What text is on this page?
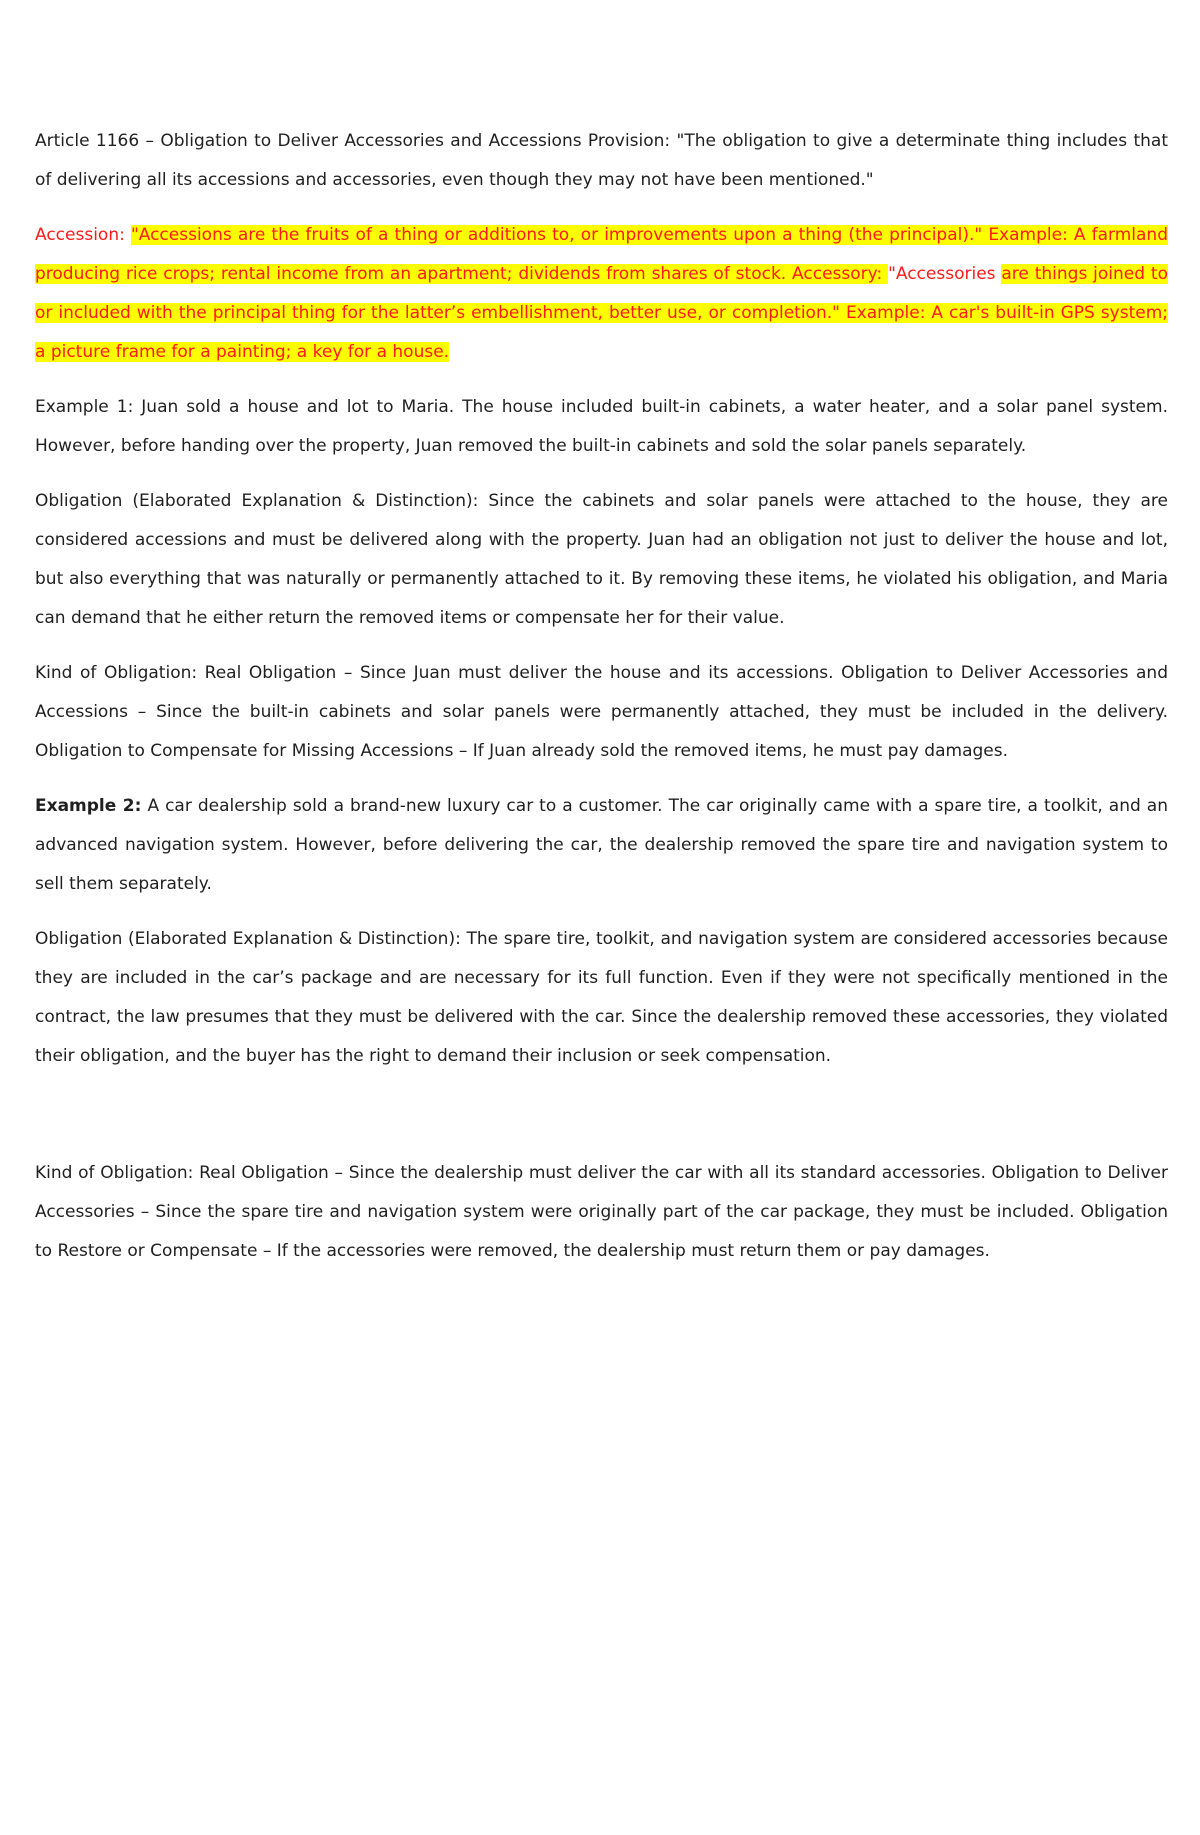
Article 1166 – Obligation to Deliver Accessories and Accessions Provision: "The obligation to give a determinate thing includes that of delivering all its accessions and accessories, even though they may not have been mentioned."

Accession: "Accessions are the fruits of a thing or additions to, or improvements upon a thing (the principal)." Example: A farmland producing rice crops; rental income from an apartment; dividends from shares of stock. Accessory: "Accessories are things joined to or included with the principal thing for the latter’s embellishment, better use, or completion." Example: A car's built-in GPS system; a picture frame for a painting; a key for a house.

Example 1: Juan sold a house and lot to Maria. The house included built-in cabinets, a water heater, and a solar panel system. However, before handing over the property, Juan removed the built-in cabinets and sold the solar panels separately.

Obligation (Elaborated Explanation & Distinction): Since the cabinets and solar panels were attached to the house, they are considered accessions and must be delivered along with the property. Juan had an obligation not just to deliver the house and lot, but also everything that was naturally or permanently attached to it. By removing these items, he violated his obligation, and Maria can demand that he either return the removed items or compensate her for their value.

Kind of Obligation: Real Obligation – Since Juan must deliver the house and its accessions. Obligation to Deliver Accessories and Accessions – Since the built-in cabinets and solar panels were permanently attached, they must be included in the delivery. Obligation to Compensate for Missing Accessions – If Juan already sold the removed items, he must pay damages.

Example 2: A car dealership sold a brand-new luxury car to a customer. The car originally came with a spare tire, a toolkit, and an advanced navigation system. However, before delivering the car, the dealership removed the spare tire and navigation system to sell them separately.

Obligation (Elaborated Explanation & Distinction): The spare tire, toolkit, and navigation system are considered accessories because they are included in the car’s package and are necessary for its full function. Even if they were not specifically mentioned in the contract, the law presumes that they must be delivered with the car. Since the dealership removed these accessories, they violated their obligation, and the buyer has the right to demand their inclusion or seek compensation.

Kind of Obligation: Real Obligation – Since the dealership must deliver the car with all its standard accessories. Obligation to Deliver Accessories – Since the spare tire and navigation system were originally part of the car package, they must be included. Obligation to Restore or Compensate – If the accessories were removed, the dealership must return them or pay damages.
